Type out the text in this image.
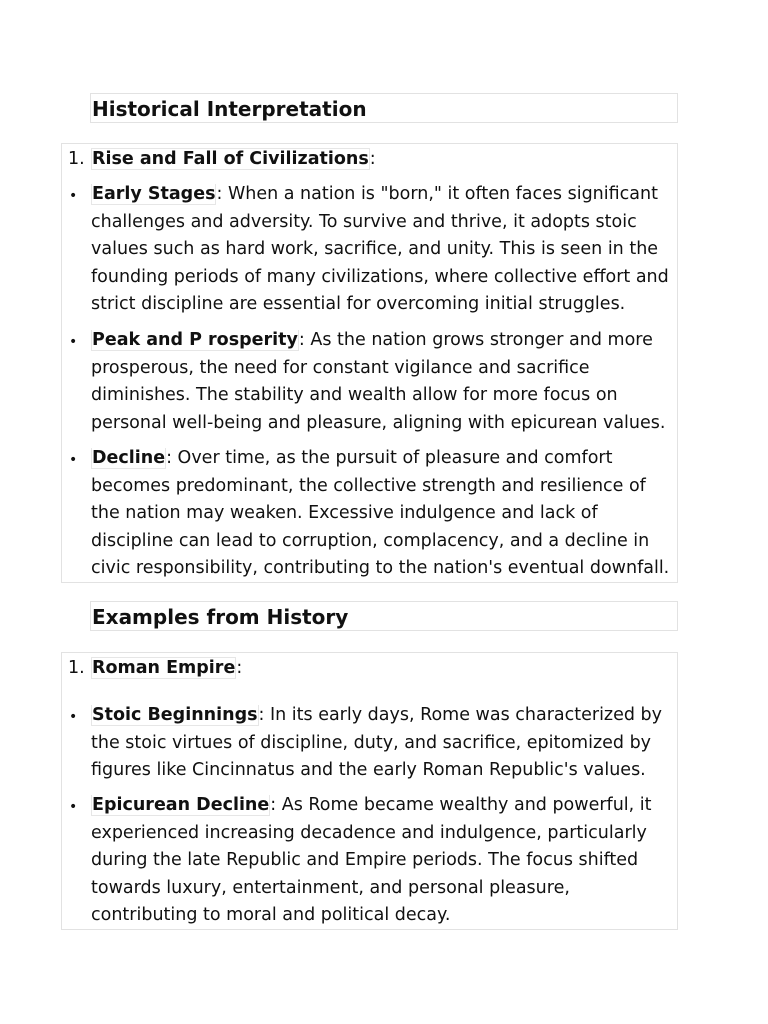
Historical Interpretation
1. Rise and Fall of Civilizations:
• Early Stages: When a nation is "born," it often faces significant challenges and adversity. To survive and thrive, it adopts stoic values such as hard work, sacrifice, and unity. This is seen in the founding periods of many civilizations, where collective effort and strict discipline are essential for overcoming initial struggles.
• Peak and P rosperity: As the nation grows stronger and more prosperous, the need for constant vigilance and sacrifice diminishes. The stability and wealth allow for more focus on personal well-being and pleasure, aligning with epicurean values.
• Decline: Over time, as the pursuit of pleasure and comfort becomes predominant, the collective strength and resilience of the nation may weaken. Excessive indulgence and lack of discipline can lead to corruption, complacency, and a decline in civic responsibility, contributing to the nation's eventual downfall.
Examples from History
1. Roman Empire:
• Stoic Beginnings: In its early days, Rome was characterized by the stoic virtues of discipline, duty, and sacrifice, epitomized by figures like Cincinnatus and the early Roman Republic's values.
• Epicurean Decline: As Rome became wealthy and powerful, it experienced increasing decadence and indulgence, particularly during the late Republic and Empire periods. The focus shifted towards luxury, entertainment, and personal pleasure, contributing to moral and political decay.
